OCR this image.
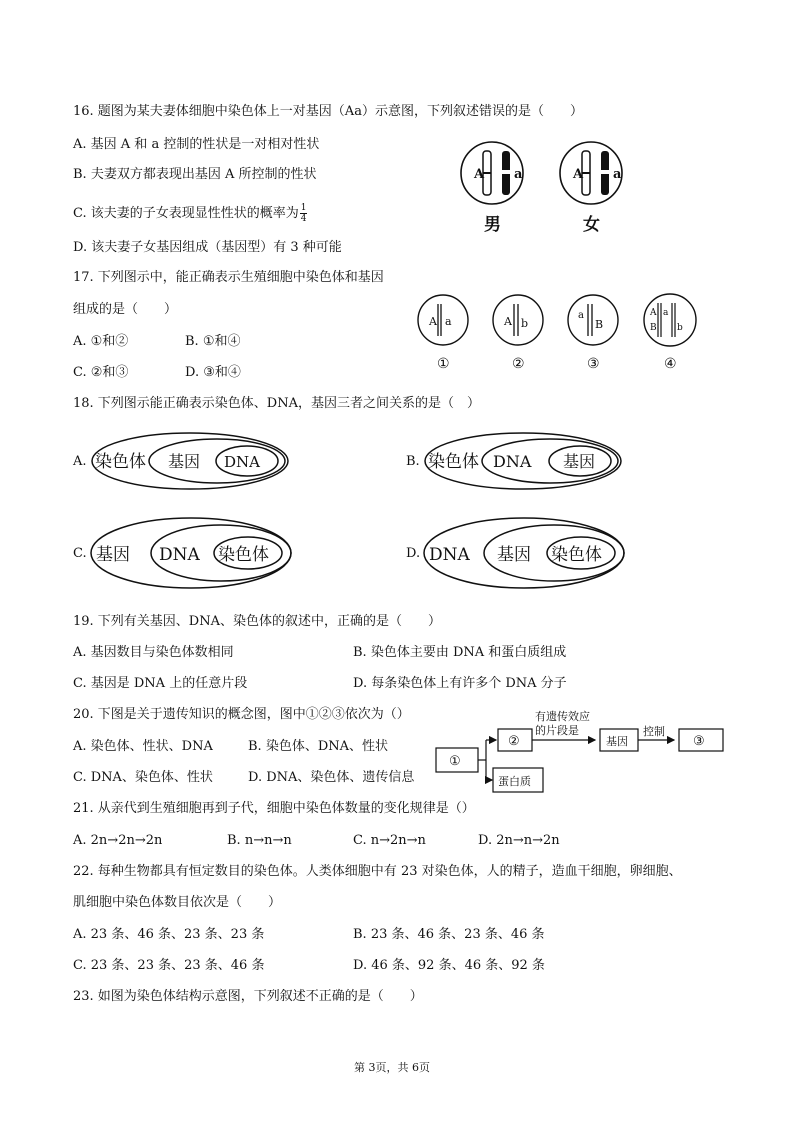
16. 题图为某夫妻体细胞中染色体上一对基因（Aa）示意图，下列叙述错误的是（　　）
A. 基因 A 和 a 控制的性状是一对相对性状
B. 夫妻双方都表现出基因 A 所控制的性状
C. 该夫妻的子女表现显性性状的概率为 $\frac{1}{4}$
D. 该夫妻子女基因组成（基因型）有 3 种可能
A a	A a
男	女
17. 下列图示中，能正确表示生殖细胞中染色体和基因
组成的是（　　）
A. ①和②	B. ①和④
C. ②和③	D. ③和④
A a
①
A b
②
a
B
③
A a
B b
④
18. 下列图示能正确表示染色体、DNA，基因三者之间关系的是（　）
A. 染色体 基因 DNA	B. 染色体 DNA 基因
C. 基因 DNA 染色体	D. DNA 基因 染色体
19. 下列有关基因、DNA、染色体的叙述中，正确的是（　　）
A. 基因数目与染色体数相同	B. 染色体主要由 DNA 和蛋白质组成
C. 基因是 DNA 上的任意片段	D. 每条染色体上有许多个 DNA 分子
20. 下图是关于遗传知识的概念图，图中①②③依次为（）
A. 染色体、性状、DNA	B. 染色体、DNA、性状
C. DNA、染色体、性状	D. DNA、染色体、遗传信息
①
②
有遗传效应
的片段是
基因
控制
③
蛋白质
21. 从亲代到生殖细胞再到子代，细胞中染色体数量的变化规律是（）
A. 2n→2n→2n	B. n→n→n	C. n→2n→n	D. 2n→n→2n
22. 每种生物都具有恒定数目的染色体。人类体细胞中有 23 对染色体，人的精子，造血干细胞，卵细胞、
肌细胞中染色体数目依次是（　　）
A. 23 条、46 条、23 条、23 条	B. 23 条、46 条、23 条、46 条
C. 23 条、23 条、23 条、46 条	D. 46 条、92 条、46 条、92 条
23. 如图为染色体结构示意图，下列叙述不正确的是（　　）
第 3页，共 6页
